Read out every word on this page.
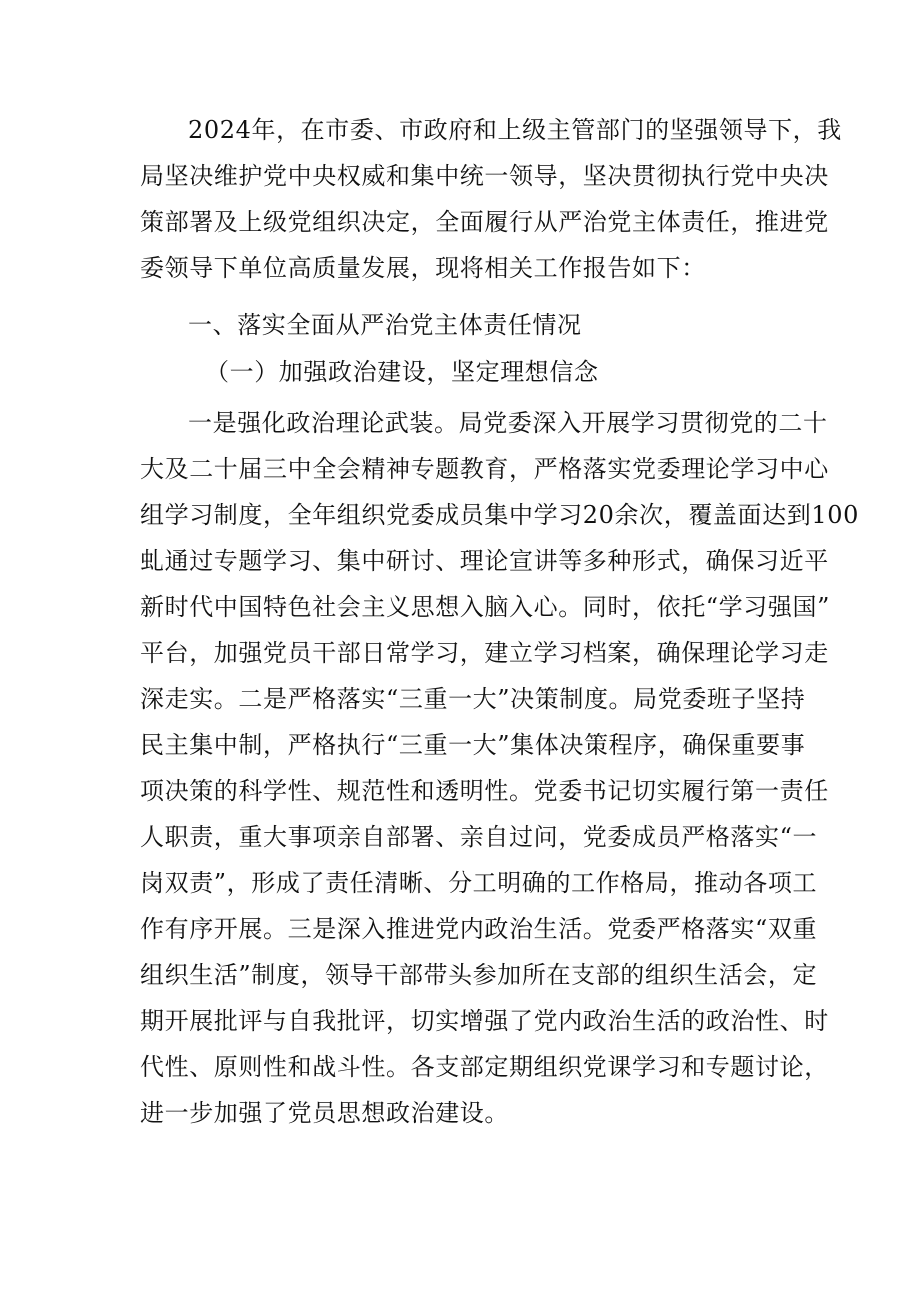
2024年，在市委、市政府和上级主管部门的坚强领导下，我
局坚决维护党中央权威和集中统一领导，坚决贯彻执行党中央决
策部署及上级党组织决定，全面履行从严治党主体责任，推进党
委领导下单位高质量发展，现将相关工作报告如下：
一、落实全面从严治党主体责任情况
（一）加强政治建设，坚定理想信念
一是强化政治理论武装。局党委深入开展学习贯彻党的二十
大及二十届三中全会精神专题教育，严格落实党委理论学习中心
组学习制度，全年组织党委成员集中学习20余次，覆盖面达到100
虬通过专题学习、集中研讨、理论宣讲等多种形式，确保习近平
新时代中国特色社会主义思想入脑入心。同时，依托“学习强国”
平台，加强党员干部日常学习，建立学习档案，确保理论学习走
深走实。二是严格落实“三重一大”决策制度。局党委班子坚持
民主集中制，严格执行“三重一大”集体决策程序，确保重要事
项决策的科学性、规范性和透明性。党委书记切实履行第一责任
人职责，重大事项亲自部署、亲自过问，党委成员严格落实“一
岗双责”，形成了责任清晰、分工明确的工作格局，推动各项工
作有序开展。三是深入推进党内政治生活。党委严格落实“双重
组织生活”制度，领导干部带头参加所在支部的组织生活会，定
期开展批评与自我批评，切实增强了党内政治生活的政治性、时
代性、原则性和战斗性。各支部定期组织党课学习和专题讨论，
进一步加强了党员思想政治建设。
